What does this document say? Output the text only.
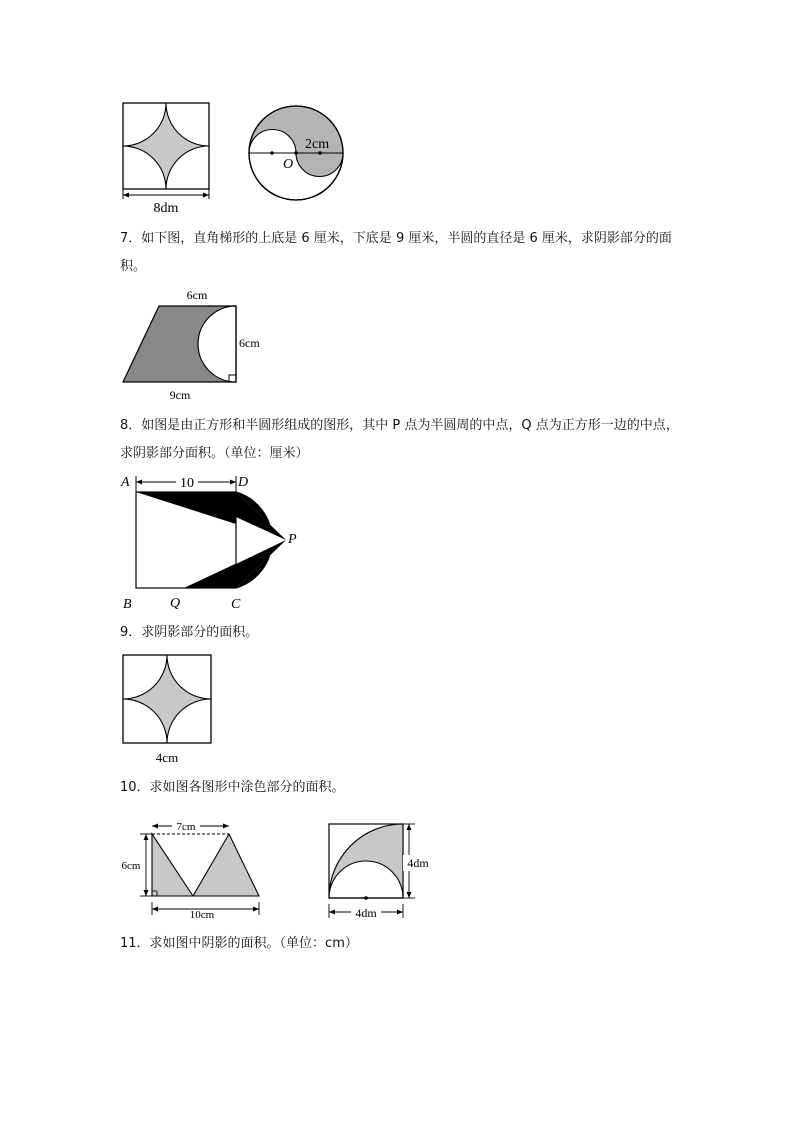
8dm
2cm
O
7．如下图，直角梯形的上底是 6 厘米，下底是 9 厘米，半圆的直径是 6 厘米，求阴影部分的面积。
6cm
6cm
9cm
8．如图是由正方形和半圆形组成的图形，其中 P 点为半圆周的中点，Q 点为正方形一边的中点，求阴影部分面积。（单位：厘米）
10
A	D
P
B	Q	C
9．求阴影部分的面积。
4cm
10．求如图各图形中涂色部分的面积。
7cm
6cm
10cm
4dm
4dm
11．求如图中阴影的面积。（单位：cm）
